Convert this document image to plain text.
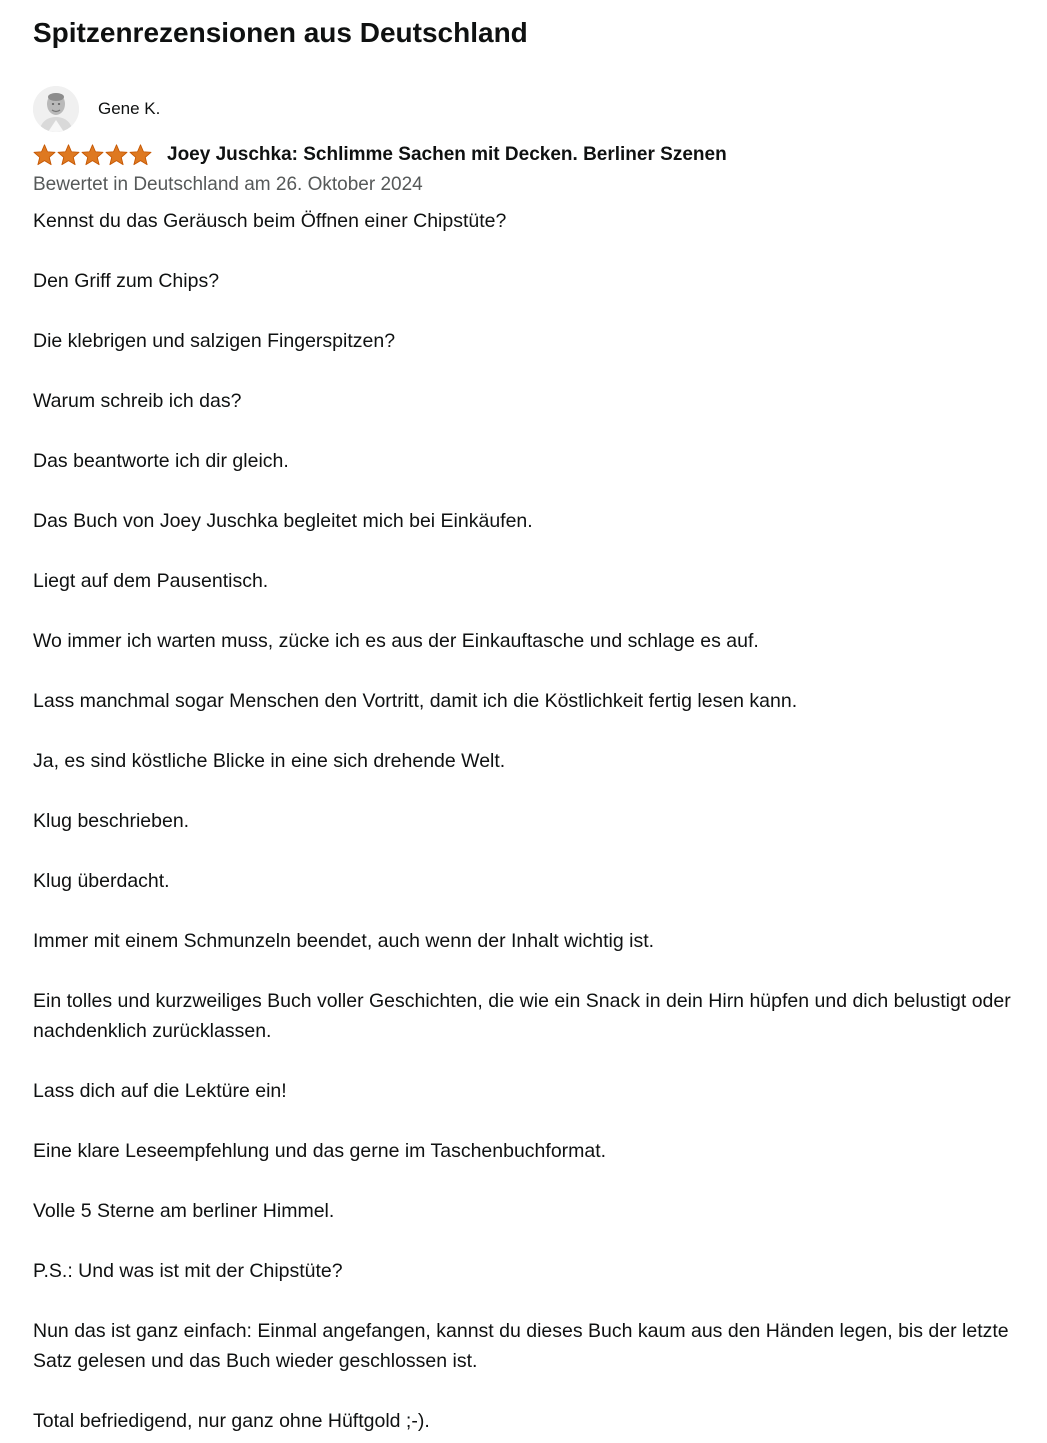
Spitzenrezensionen aus Deutschland
Gene K.
Joey Juschka: Schlimme Sachen mit Decken. Berliner Szenen
Bewertet in Deutschland am 26. Oktober 2024

Kennst du das Geräusch beim Öffnen einer Chipstüte?

Den Griff zum Chips?

Die klebrigen und salzigen Fingerspitzen?

Warum schreib ich das?

Das beantworte ich dir gleich.

Das Buch von Joey Juschka begleitet mich bei Einkäufen.

Liegt auf dem Pausentisch.

Wo immer ich warten muss, zücke ich es aus der Einkauftasche und schlage es auf.

Lass manchmal sogar Menschen den Vortritt, damit ich die Köstlichkeit fertig lesen kann.

Ja, es sind köstliche Blicke in eine sich drehende Welt.

Klug beschrieben.

Klug überdacht.

Immer mit einem Schmunzeln beendet, auch wenn der Inhalt wichtig ist.

Ein tolles und kurzweiliges Buch voller Geschichten, die wie ein Snack in dein Hirn hüpfen und dich belustigt oder nachdenklich zurücklassen.

Lass dich auf die Lektüre ein!

Eine klare Leseempfehlung und das gerne im Taschenbuchformat.

Volle 5 Sterne am berliner Himmel.

P.S.: Und was ist mit der Chipstüte?

Nun das ist ganz einfach: Einmal angefangen, kannst du dieses Buch kaum aus den Händen legen, bis der letzte Satz gelesen und das Buch wieder geschlossen ist.

Total befriedigend, nur ganz ohne Hüftgold ;-).
